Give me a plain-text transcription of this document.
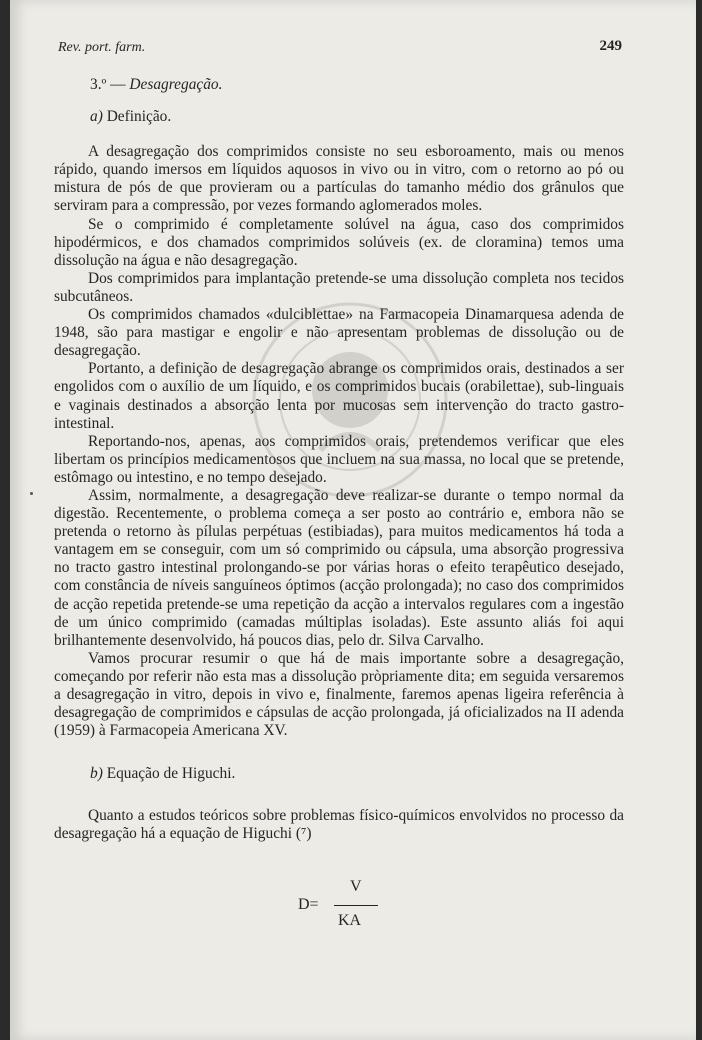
Rev. port. farm.	249
3.º — Desagregação.
a) Definição.

A desagregação dos comprimidos consiste no seu esboroamento, mais ou menos rápido, quando imersos em líquidos aquosos in vivo ou in vitro, com o retorno ao pó ou mistura de pós de que provieram ou a partículas do tamanho médio dos grânulos que serviram para a compressão, por vezes formando aglomerados moles.

Se o comprimido é completamente solúvel na água, caso dos comprimidos hipodérmicos, e dos chamados comprimidos solúveis (ex. de cloramina) temos uma dissolução na água e não desagregação.

Dos comprimidos para implantação pretende-se uma dissolução completa nos tecidos subcutâneos.

Os comprimidos chamados «dulciblettae» na Farmacopeia Dinamarquesa adenda de 1948, são para mastigar e engolir e não apresentam problemas de dissolução ou de desagregação.

Portanto, a definição de desagregação abrange os comprimidos orais, destinados a ser engolidos com o auxílio de um líquido, e os comprimidos bucais (orabilettae), sub-linguais e vaginais destinados a absorção lenta por mucosas sem intervenção do tracto gastro-intestinal.

Reportando-nos, apenas, aos comprimidos orais, pretendemos verificar que eles libertam os princípios medicamentosos que incluem na sua massa, no local que se pretende, estômago ou intestino, e no tempo desejado.

Assim, normalmente, a desagregação deve realizar-se durante o tempo normal da digestão. Recentemente, o problema começa a ser posto ao contrário e, embora não se pretenda o retorno às pílulas perpétuas (estibiadas), para muitos medicamentos há toda a vantagem em se conseguir, com um só comprimido ou cápsula, uma absorção progressiva no tracto gastro intestinal prolongando-se por várias horas o efeito terapêutico desejado, com constância de níveis sanguíneos óptimos (acção prolongada); no caso dos comprimidos de acção repetida pretende-se uma repetição da acção a intervalos regulares com a ingestão de um único comprimido (camadas múltiplas isoladas). Este assunto aliás foi aqui brilhantemente desenvolvido, há poucos dias, pelo dr. Silva Carvalho.

Vamos procurar resumir o que há de mais importante sobre a desagregação, começando por referir não esta mas a dissolução pròpriamente dita; em seguida versaremos a desagregação in vitro, depois in vivo e, finalmente, faremos apenas ligeira referência à desagregação de comprimidos e cápsulas de acção prolongada, já oficializados na II adenda (1959) à Farmacopeia Americana XV.

b) Equação de Higuchi.

Quanto a estudos teóricos sobre problemas físico-químicos envolvidos no processo da desagregação há a equação de Higuchi (⁷)

D=
V
KA
